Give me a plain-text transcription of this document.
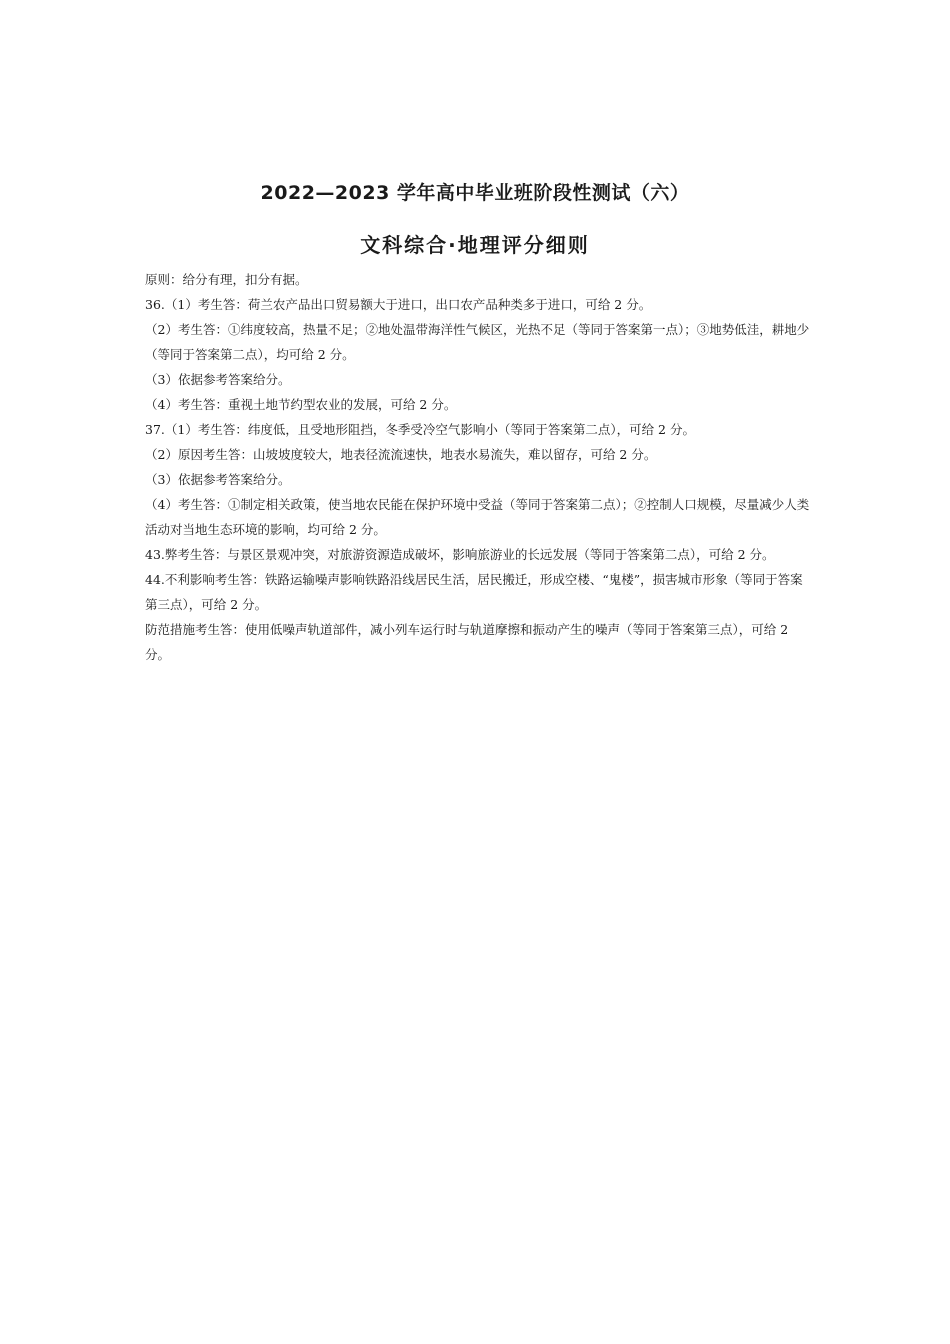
2022—2023 学年高中毕业班阶段性测试（六）
文科综合·地理评分细则

原则：给分有理，扣分有据。

36.（1）考生答：荷兰农产品出口贸易额大于进口，出口农产品种类多于进口，可给 2 分。

（2）考生答：①纬度较高，热量不足；②地处温带海洋性气候区，光热不足（等同于答案第一点）；③地势低洼，耕地少（等同于答案第二点），均可给 2 分。

（3）依据参考答案给分。

（4）考生答：重视土地节约型农业的发展，可给 2 分。

37.（1）考生答：纬度低，且受地形阻挡，冬季受冷空气影响小（等同于答案第二点），可给 2 分。

（2）原因考生答：山坡坡度较大，地表径流流速快，地表水易流失，难以留存，可给 2 分。

（3）依据参考答案给分。

（4）考生答：①制定相关政策，使当地农民能在保护环境中受益（等同于答案第二点）；②控制人口规模，尽量减少人类活动对当地生态环境的影响，均可给 2 分。

43.弊考生答：与景区景观冲突，对旅游资源造成破坏，影响旅游业的长远发展（等同于答案第二点），可给 2 分。

44.不利影响考生答：铁路运输噪声影响铁路沿线居民生活，居民搬迁，形成空楼、“鬼楼”，损害城市形象（等同于答案第三点），可给 2 分。

防范措施考生答：使用低噪声轨道部件，减小列车运行时与轨道摩擦和振动产生的噪声（等同于答案第三点），可给 2 分。
